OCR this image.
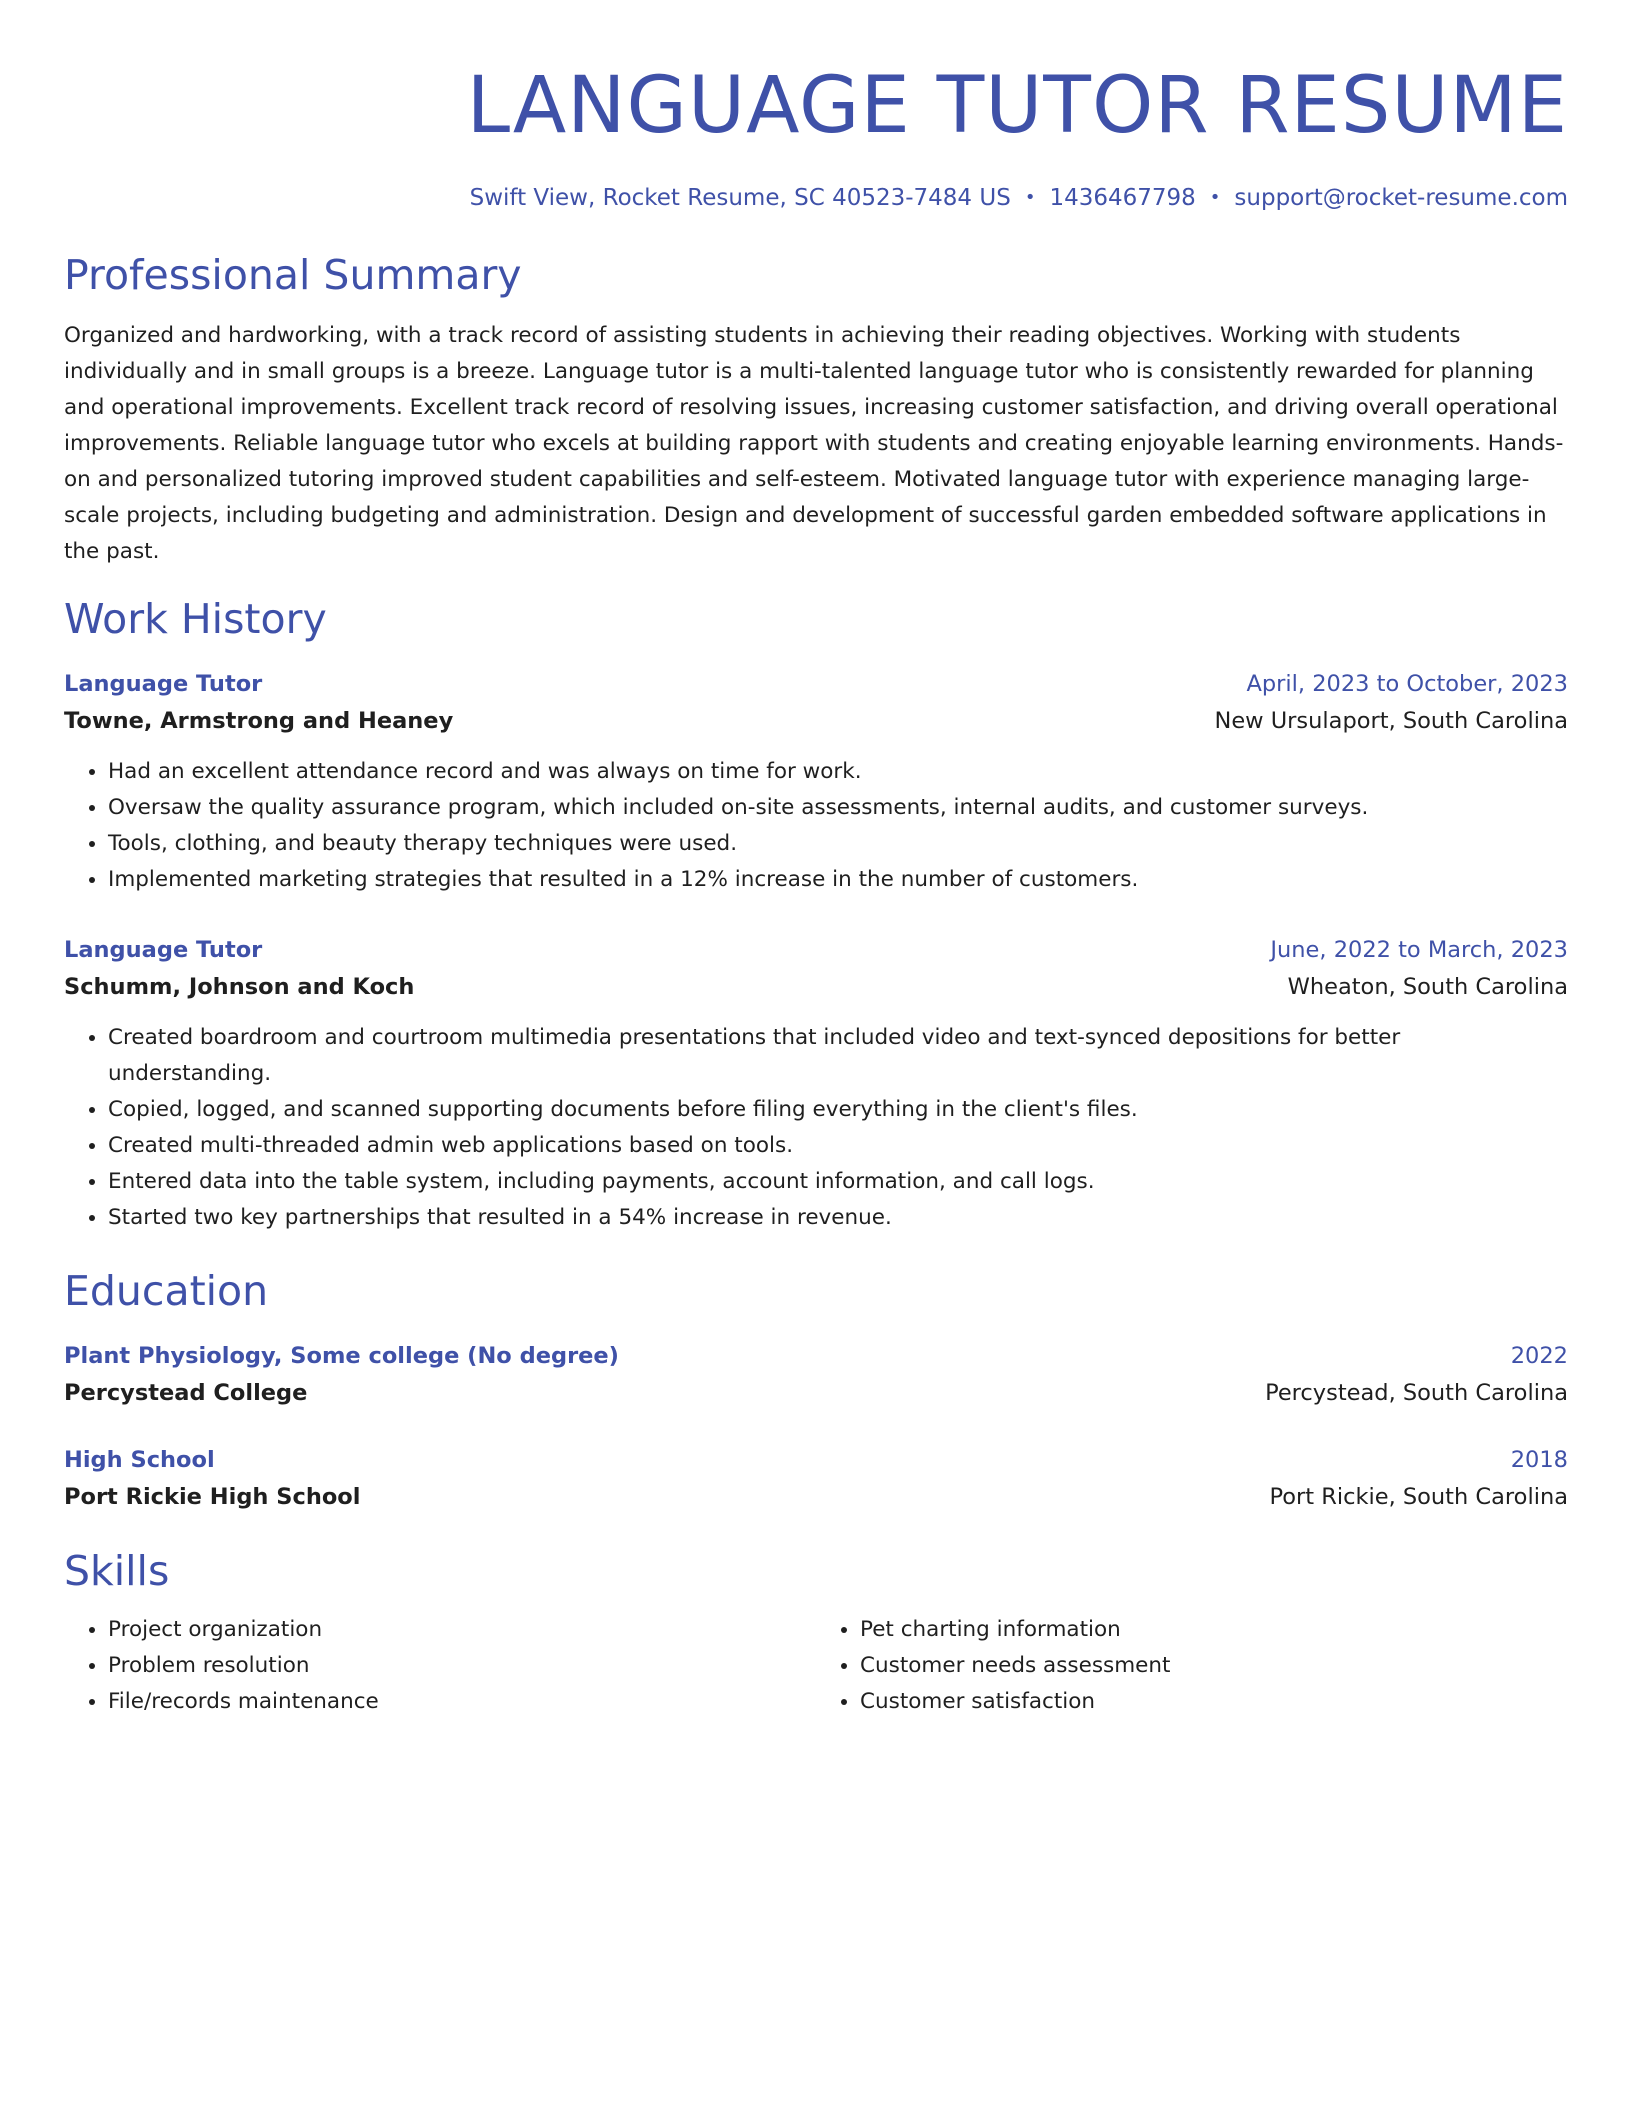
LANGUAGE TUTOR RESUME
Swift View, Rocket Resume, SC 40523-7484 US • 1436467798 • support@rocket-resume.com
Professional Summary

Organized and hardworking, with a track record of assisting students in achieving their reading objectives. Working with students individually and in small groups is a breeze. Language tutor is a multi-talented language tutor who is consistently rewarded for planning and operational improvements. Excellent track record of resolving issues, increasing customer satisfaction, and driving overall operational improvements. Reliable language tutor who excels at building rapport with students and creating enjoyable learning environments. Hands-on and personalized tutoring improved student capabilities and self-esteem. Motivated language tutor with experience managing large-scale projects, including budgeting and administration. Design and development of successful garden embedded software applications in the past.

Work History
Language Tutor	April, 2023 to October, 2023
Towne, Armstrong and Heaney	New Ursulaport, South Carolina
• Had an excellent attendance record and was always on time for work.
• Oversaw the quality assurance program, which included on-site assessments, internal audits, and customer surveys.
• Tools, clothing, and beauty therapy techniques were used.
• Implemented marketing strategies that resulted in a 12% increase in the number of customers.
Language Tutor	June, 2022 to March, 2023
Schumm, Johnson and Koch	Wheaton, South Carolina
• Created boardroom and courtroom multimedia presentations that included video and text-synced depositions for better understanding.
• Copied, logged, and scanned supporting documents before filing everything in the client's files.
• Created multi-threaded admin web applications based on tools.
• Entered data into the table system, including payments, account information, and call logs.
• Started two key partnerships that resulted in a 54% increase in revenue.
Education
Plant Physiology, Some college (No degree)	2022
Percystead College	Percystead, South Carolina
High School	2018
Port Rickie High School	Port Rickie, South Carolina
Skills
• Project organization
• Problem resolution
• File/records maintenance
• Pet charting information
• Customer needs assessment
• Customer satisfaction
